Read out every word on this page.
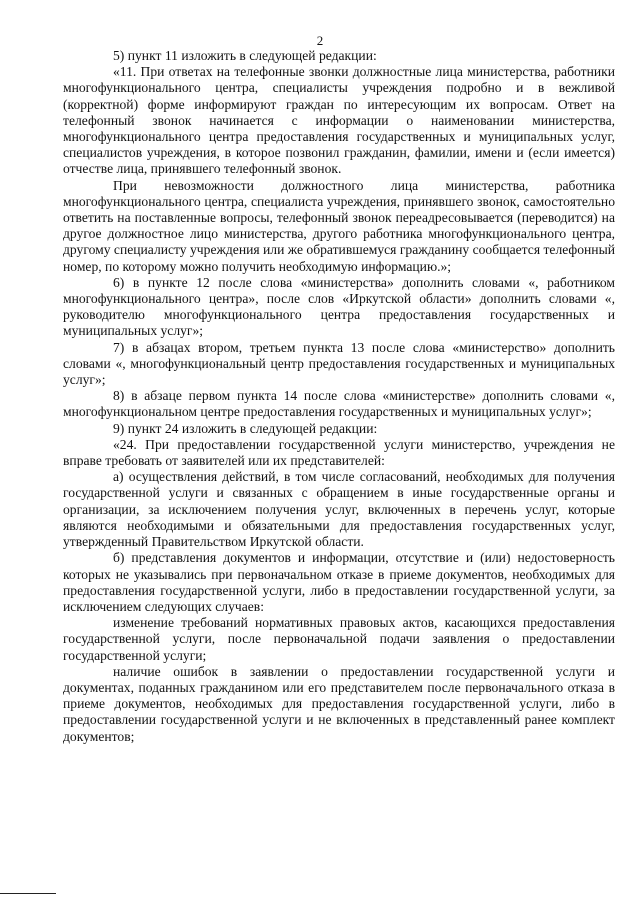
2

5) пункт 11 изложить в следующей редакции:

«11. При ответах на телефонные звонки должностные лица министерства, работники многофункционального центра, специалисты учреждения подробно и в вежливой (корректной) форме информируют граждан по интересующим их вопросам. Ответ на телефонный звонок начинается с информации о наименовании министерства, многофункционального центра предоставления государственных и муниципальных услуг, специалистов учреждения, в которое позвонил гражданин, фамилии, имени и (если имеется) отчестве лица, принявшего телефонный звонок.

При невозможности должностного лица министерства, работника многофункционального центра, специалиста учреждения, принявшего звонок, самостоятельно ответить на поставленные вопросы, телефонный звонок переадресовывается (переводится) на другое должностное лицо министерства, другого работника многофункционального центра, другому специалисту учреждения или же обратившемуся гражданину сообщается телефонный номер, по которому можно получить необходимую информацию.»;

6) в пункте 12 после слова «министерства» дополнить словами «, работником многофункционального центра», после слов «Иркутской области» дополнить словами «, руководителю многофункционального центра предоставления государственных и муниципальных услуг»;

7) в абзацах втором, третьем пункта 13 после слова «министерство» дополнить словами «, многофункциональный центр предоставления государственных и муниципальных услуг»;

8) в абзаце первом пункта 14 после слова «министерстве» дополнить словами «, многофункциональном центре предоставления государственных и муниципальных услуг»;

9) пункт 24 изложить в следующей редакции:

«24. При предоставлении государственной услуги министерство, учреждения не вправе требовать от заявителей или их представителей:

а) осуществления действий, в том числе согласований, необходимых для получения государственной услуги и связанных с обращением в иные государственные органы и организации, за исключением получения услуг, включенных в перечень услуг, которые являются необходимыми и обязательными для предоставления государственных услуг, утвержденный Правительством Иркутской области.

б) представления документов и информации, отсутствие и (или) недостоверность которых не указывались при первоначальном отказе в приеме документов, необходимых для предоставления государственной услуги, либо в предоставлении государственной услуги, за исключением следующих случаев:

изменение требований нормативных правовых актов, касающихся предоставления государственной услуги, после первоначальной подачи заявления о предоставлении государственной услуги;

наличие ошибок в заявлении о предоставлении государственной услуги и документах, поданных гражданином или его представителем после первоначального отказа в приеме документов, необходимых для предоставления государственной услуги, либо в предоставлении государственной услуги и не включенных в представленный ранее комплект документов;
